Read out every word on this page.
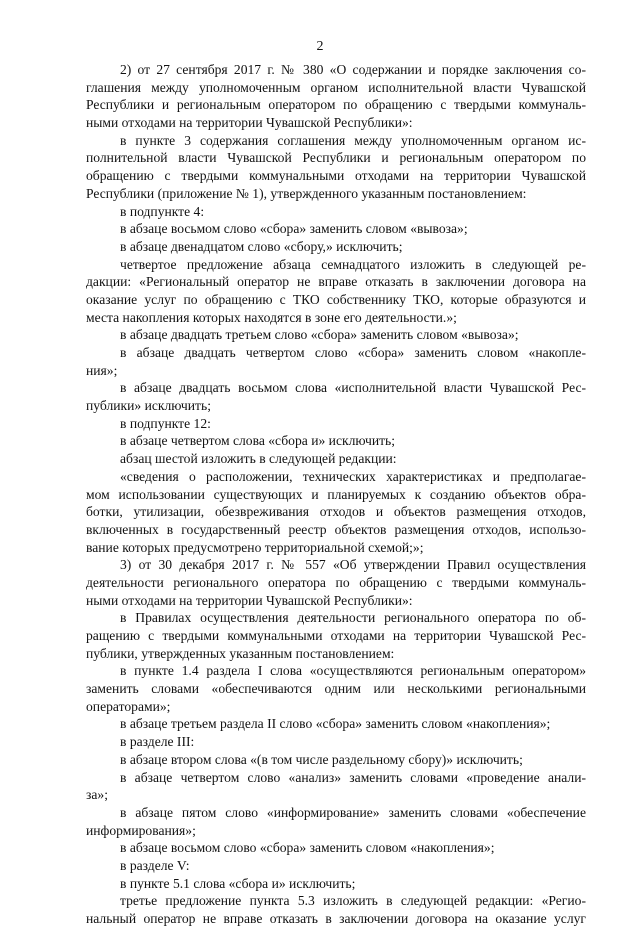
2
2) от 27 сентября 2017 г. № 380 «О содержании и порядке заключения со-
глашения между уполномоченным органом исполнительной власти Чувашской
Республики и региональным оператором по обращению с твердыми коммуналь-
ными отходами на территории Чувашской Республики»:
в пункте 3 содержания соглашения между уполномоченным органом ис-
полнительной власти Чувашской Республики и региональным оператором по
обращению с твердыми коммунальными отходами на территории Чувашской
Республики (приложение № 1), утвержденного указанным постановлением:
в подпункте 4:
в абзаце восьмом слово «сбора» заменить словом «вывоза»;
в абзаце двенадцатом слово «сбору,» исключить;
четвертое предложение абзаца семнадцатого изложить в следующей ре-
дакции: «Региональный оператор не вправе отказать в заключении договора на
оказание услуг по обращению с ТКО собственнику ТКО, которые образуются и
места накопления которых находятся в зоне его деятельности.»;
в абзаце двадцать третьем слово «сбора» заменить словом «вывоза»;
в абзаце двадцать четвертом слово «сбора» заменить словом «накопле-
ния»;
в абзаце двадцать восьмом слова «исполнительной власти Чувашской Рес-
публики» исключить;
в подпункте 12:
в абзаце четвертом слова «сбора и» исключить;
абзац шестой изложить в следующей редакции:
«сведения о расположении, технических характеристиках и предполагае-
мом использовании существующих и планируемых к созданию объектов обра-
ботки, утилизации, обезвреживания отходов и объектов размещения отходов,
включенных в государственный реестр объектов размещения отходов, использо-
вание которых предусмотрено территориальной схемой;»;
3) от 30 декабря 2017 г. № 557 «Об утверждении Правил осуществления
деятельности регионального оператора по обращению с твердыми коммуналь-
ными отходами на территории Чувашской Республики»:
в Правилах осуществления деятельности регионального оператора по об-
ращению с твердыми коммунальными отходами на территории Чувашской Рес-
публики, утвержденных указанным постановлением:
в пункте 1.4 раздела I слова «осуществляются региональным оператором»
заменить словами «обеспечиваются одним или несколькими региональными
операторами»;
в абзаце третьем раздела II слово «сбора» заменить словом «накопления»;
в разделе III:
в абзаце втором слова «(в том числе раздельному сбору)» исключить;
в абзаце четвертом слово «анализ» заменить словами «проведение анали-
за»;
в абзаце пятом слово «информирование» заменить словами «обеспечение
информирования»;
в абзаце восьмом слово «сбора» заменить словом «накопления»;
в разделе V:
в пункте 5.1 слова «сбора и» исключить;
третье предложение пункта 5.3 изложить в следующей редакции: «Регио-
нальный оператор не вправе отказать в заключении договора на оказание услуг
